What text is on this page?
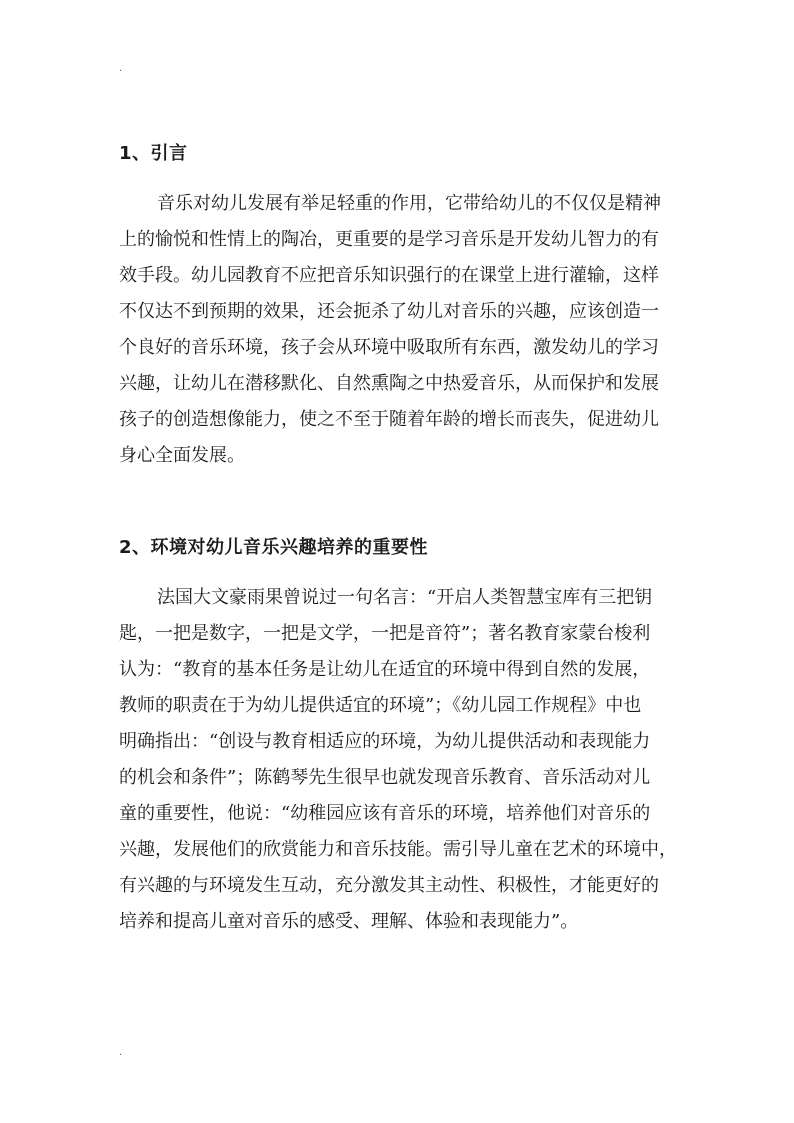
.
1、引言
音乐对幼儿发展有举足轻重的作用，它带给幼儿的不仅仅是精神
上的愉悦和性情上的陶冶，更重要的是学习音乐是开发幼儿智力的有
效手段。幼儿园教育不应把音乐知识强行的在课堂上进行灌输，这样
不仅达不到预期的效果，还会扼杀了幼儿对音乐的兴趣，应该创造一
个良好的音乐环境，孩子会从环境中吸取所有东西，激发幼儿的学习
兴趣，让幼儿在潜移默化、自然熏陶之中热爱音乐，从而保护和发展
孩子的创造想像能力，使之不至于随着年龄的增长而丧失，促进幼儿
身心全面发展。
2、环境对幼儿音乐兴趣培养的重要性
法国大文豪雨果曾说过一句名言：“开启人类智慧宝库有三把钥
匙，一把是数字，一把是文学，一把是音符”；著名教育家蒙台梭利
认为：“教育的基本任务是让幼儿在适宜的环境中得到自然的发展，
教师的职责在于为幼儿提供适宜的环境”；《幼儿园工作规程》中也
明确指出：“创设与教育相适应的环境，为幼儿提供活动和表现能力
的机会和条件”；陈鹤琴先生很早也就发现音乐教育、音乐活动对儿
童的重要性，他说：“幼稚园应该有音乐的环境，培养他们对音乐的
兴趣，发展他们的欣赏能力和音乐技能。需引导儿童在艺术的环境中，
有兴趣的与环境发生互动，充分激发其主动性、积极性，才能更好的
培养和提高儿童对音乐的感受、理解、体验和表现能力”。
.
